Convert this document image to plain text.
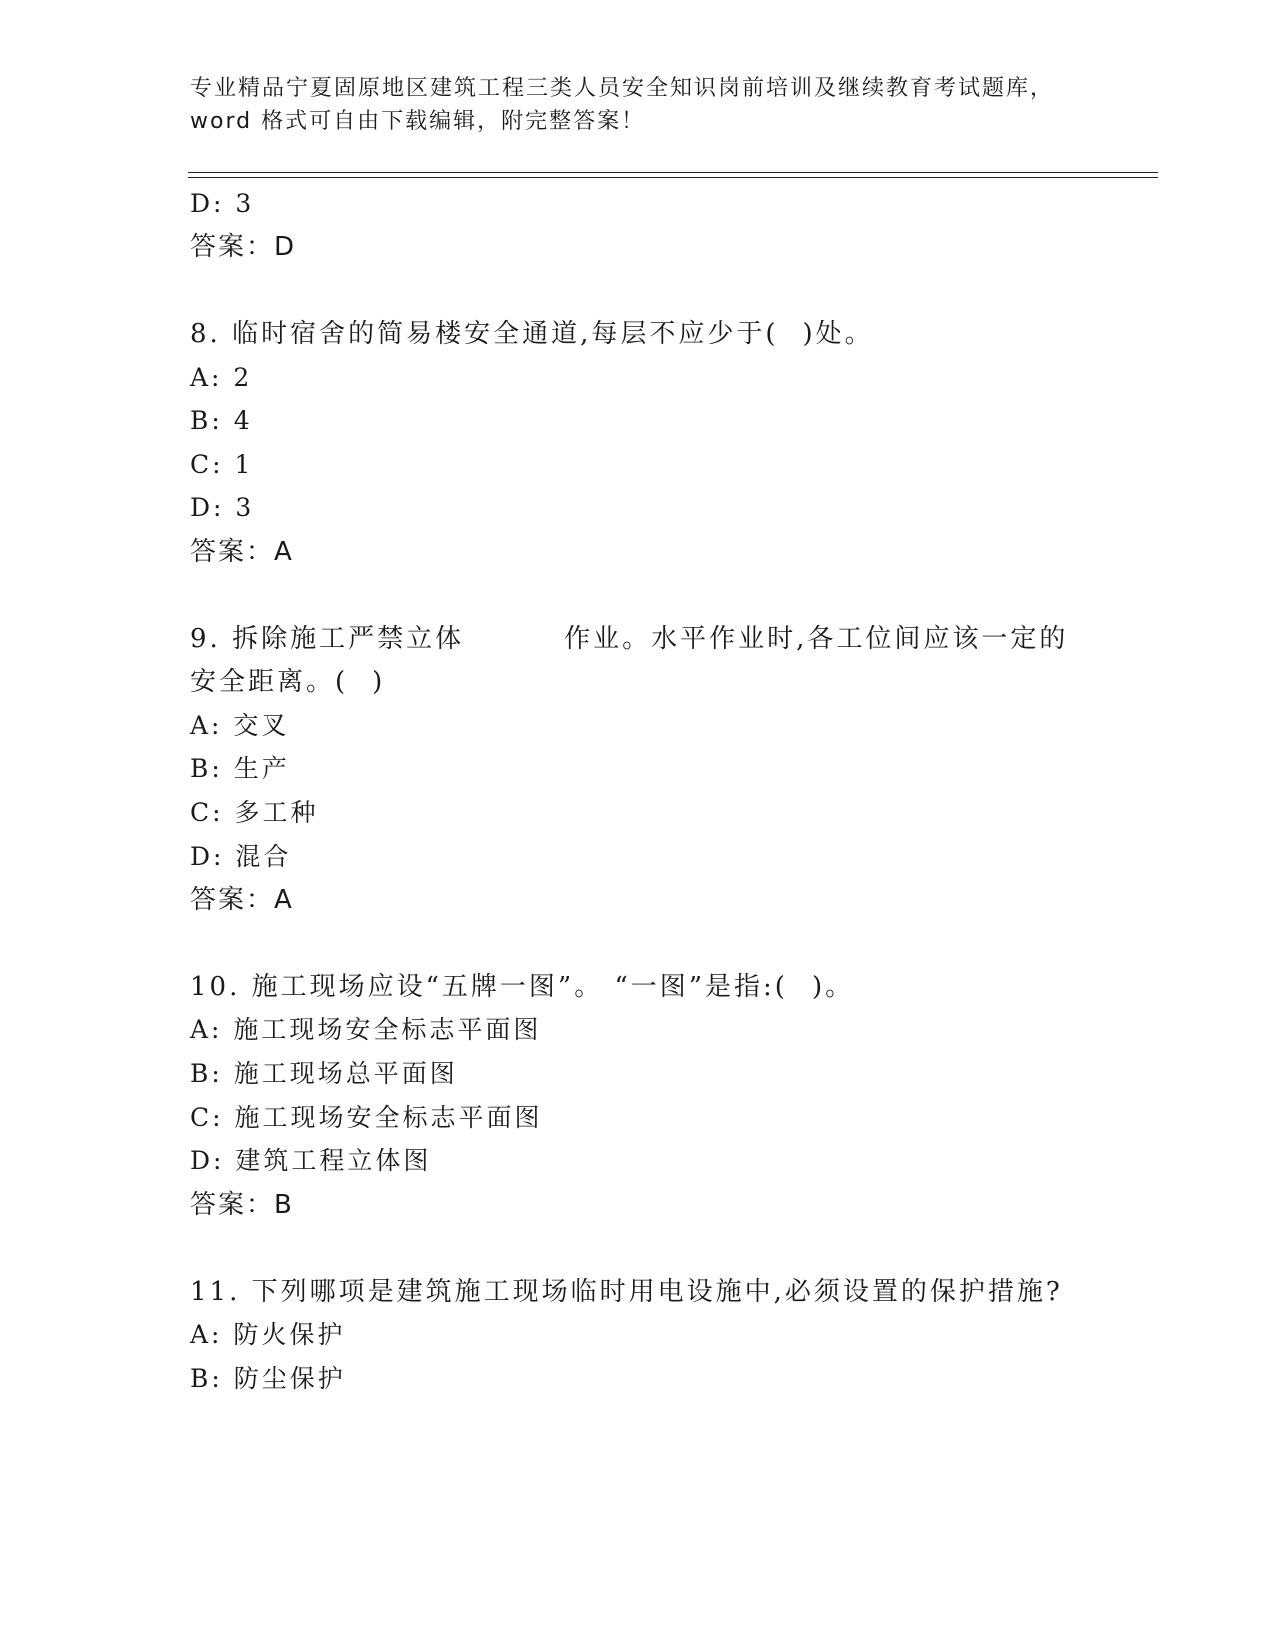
专业精品宁夏固原地区建筑工程三类人员安全知识岗前培训及继续教育考试题库，
word 格式可自由下载编辑，附完整答案！
D: 3
答案：D
8. 临时宿舍的简易楼安全通道,每层不应少于( )处。
A: 2
B: 4
C: 1
D: 3
答案：A
9. 拆除施工严禁立体	作业。水平作业时,各工位间应该一定的
安全距离。( )
A: 交叉
B: 生产
C: 多工种
D: 混合
答案：A
10. 施工现场应设“五牌一图”。 “一图”是指:( )。
A: 施工现场安全标志平面图
B: 施工现场总平面图
C: 施工现场安全标志平面图
D: 建筑工程立体图
答案：B
11. 下列哪项是建筑施工现场临时用电设施中,必须设置的保护措施?
A: 防火保护
B: 防尘保护
